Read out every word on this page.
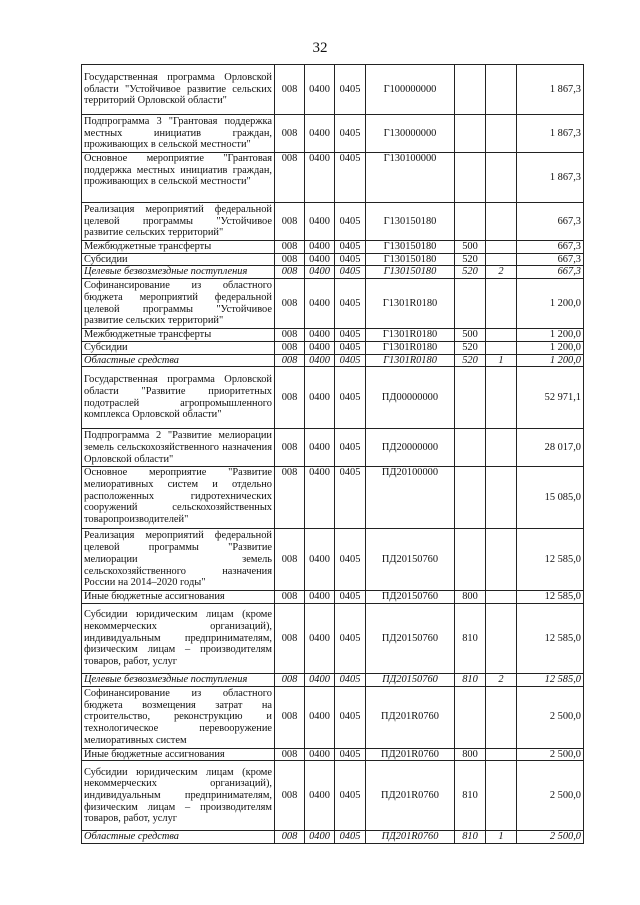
32
Государственная программа Орловской области "Устойчивое развитие сельских территорий Орловской области"	008	0400	0405	Г100000000			1 867,3
Подпрограмма 3 "Грантовая поддержка местных инициатив граждан, проживающих в сельской местности"	008	0400	0405	Г130000000			1 867,3
Основное мероприятие "Грантовая поддержка местных инициатив граждан, проживающих в сельской местности"	008	0400	0405	Г130100000			1 867,3
Реализация мероприятий федеральной целевой программы "Устойчивое развитие сельских территорий"	008	0400	0405	Г130150180			667,3
Межбюджетные трансферты	008	0400	0405	Г130150180	500		667,3
Субсидии	008	0400	0405	Г130150180	520		667,3
Целевые безвозмездные поступления	008	0400	0405	Г130150180	520	2	667,3
Софинансирование из областного бюджета мероприятий федеральной целевой программы "Устойчивое развитие сельских территорий"	008	0400	0405	Г1301R0180			1 200,0
Межбюджетные трансферты	008	0400	0405	Г1301R0180	500		1 200,0
Субсидии	008	0400	0405	Г1301R0180	520		1 200,0
Областные средства	008	0400	0405	Г1301R0180	520	1	1 200,0
Государственная программа Орловской области "Развитие приоритетных подотраслей агропромышленного комплекса Орловской области"	008	0400	0405	ПД00000000			52 971,1
Подпрограмма 2 "Развитие мелиорации земель сельскохозяйственного назначения Орловской области"	008	0400	0405	ПД20000000			28 017,0
Основное мероприятие "Развитие мелиоративных систем и отдельно расположенных гидротехнических сооружений сельскохозяйственных товаропроизводителей"	008	0400	0405	ПД20100000			15 085,0
Реализация мероприятий федеральной целевой программы "Развитие мелиорации земель сельскохозяйственного назначения России на 2014–2020 годы"	008	0400	0405	ПД20150760			12 585,0
Иные бюджетные ассигнования	008	0400	0405	ПД20150760	800		12 585,0
Субсидии юридическим лицам (кроме некоммерческих организаций), индивидуальным предпринимателям, физическим лицам – производителям товаров, работ, услуг	008	0400	0405	ПД20150760	810		12 585,0
Целевые безвозмездные поступления	008	0400	0405	ПД20150760	810	2	12 585,0
Софинансирование из областного бюджета возмещения затрат на строительство, реконструкцию и технологическое перевооружение мелиоративных систем	008	0400	0405	ПД201R0760			2 500,0
Иные бюджетные ассигнования	008	0400	0405	ПД201R0760	800		2 500,0
Субсидии юридическим лицам (кроме некоммерческих организаций), индивидуальным предпринимателям, физическим лицам – производителям товаров, работ, услуг	008	0400	0405	ПД201R0760	810		2 500,0
Областные средства	008	0400	0405	ПД201R0760	810	1	2 500,0
